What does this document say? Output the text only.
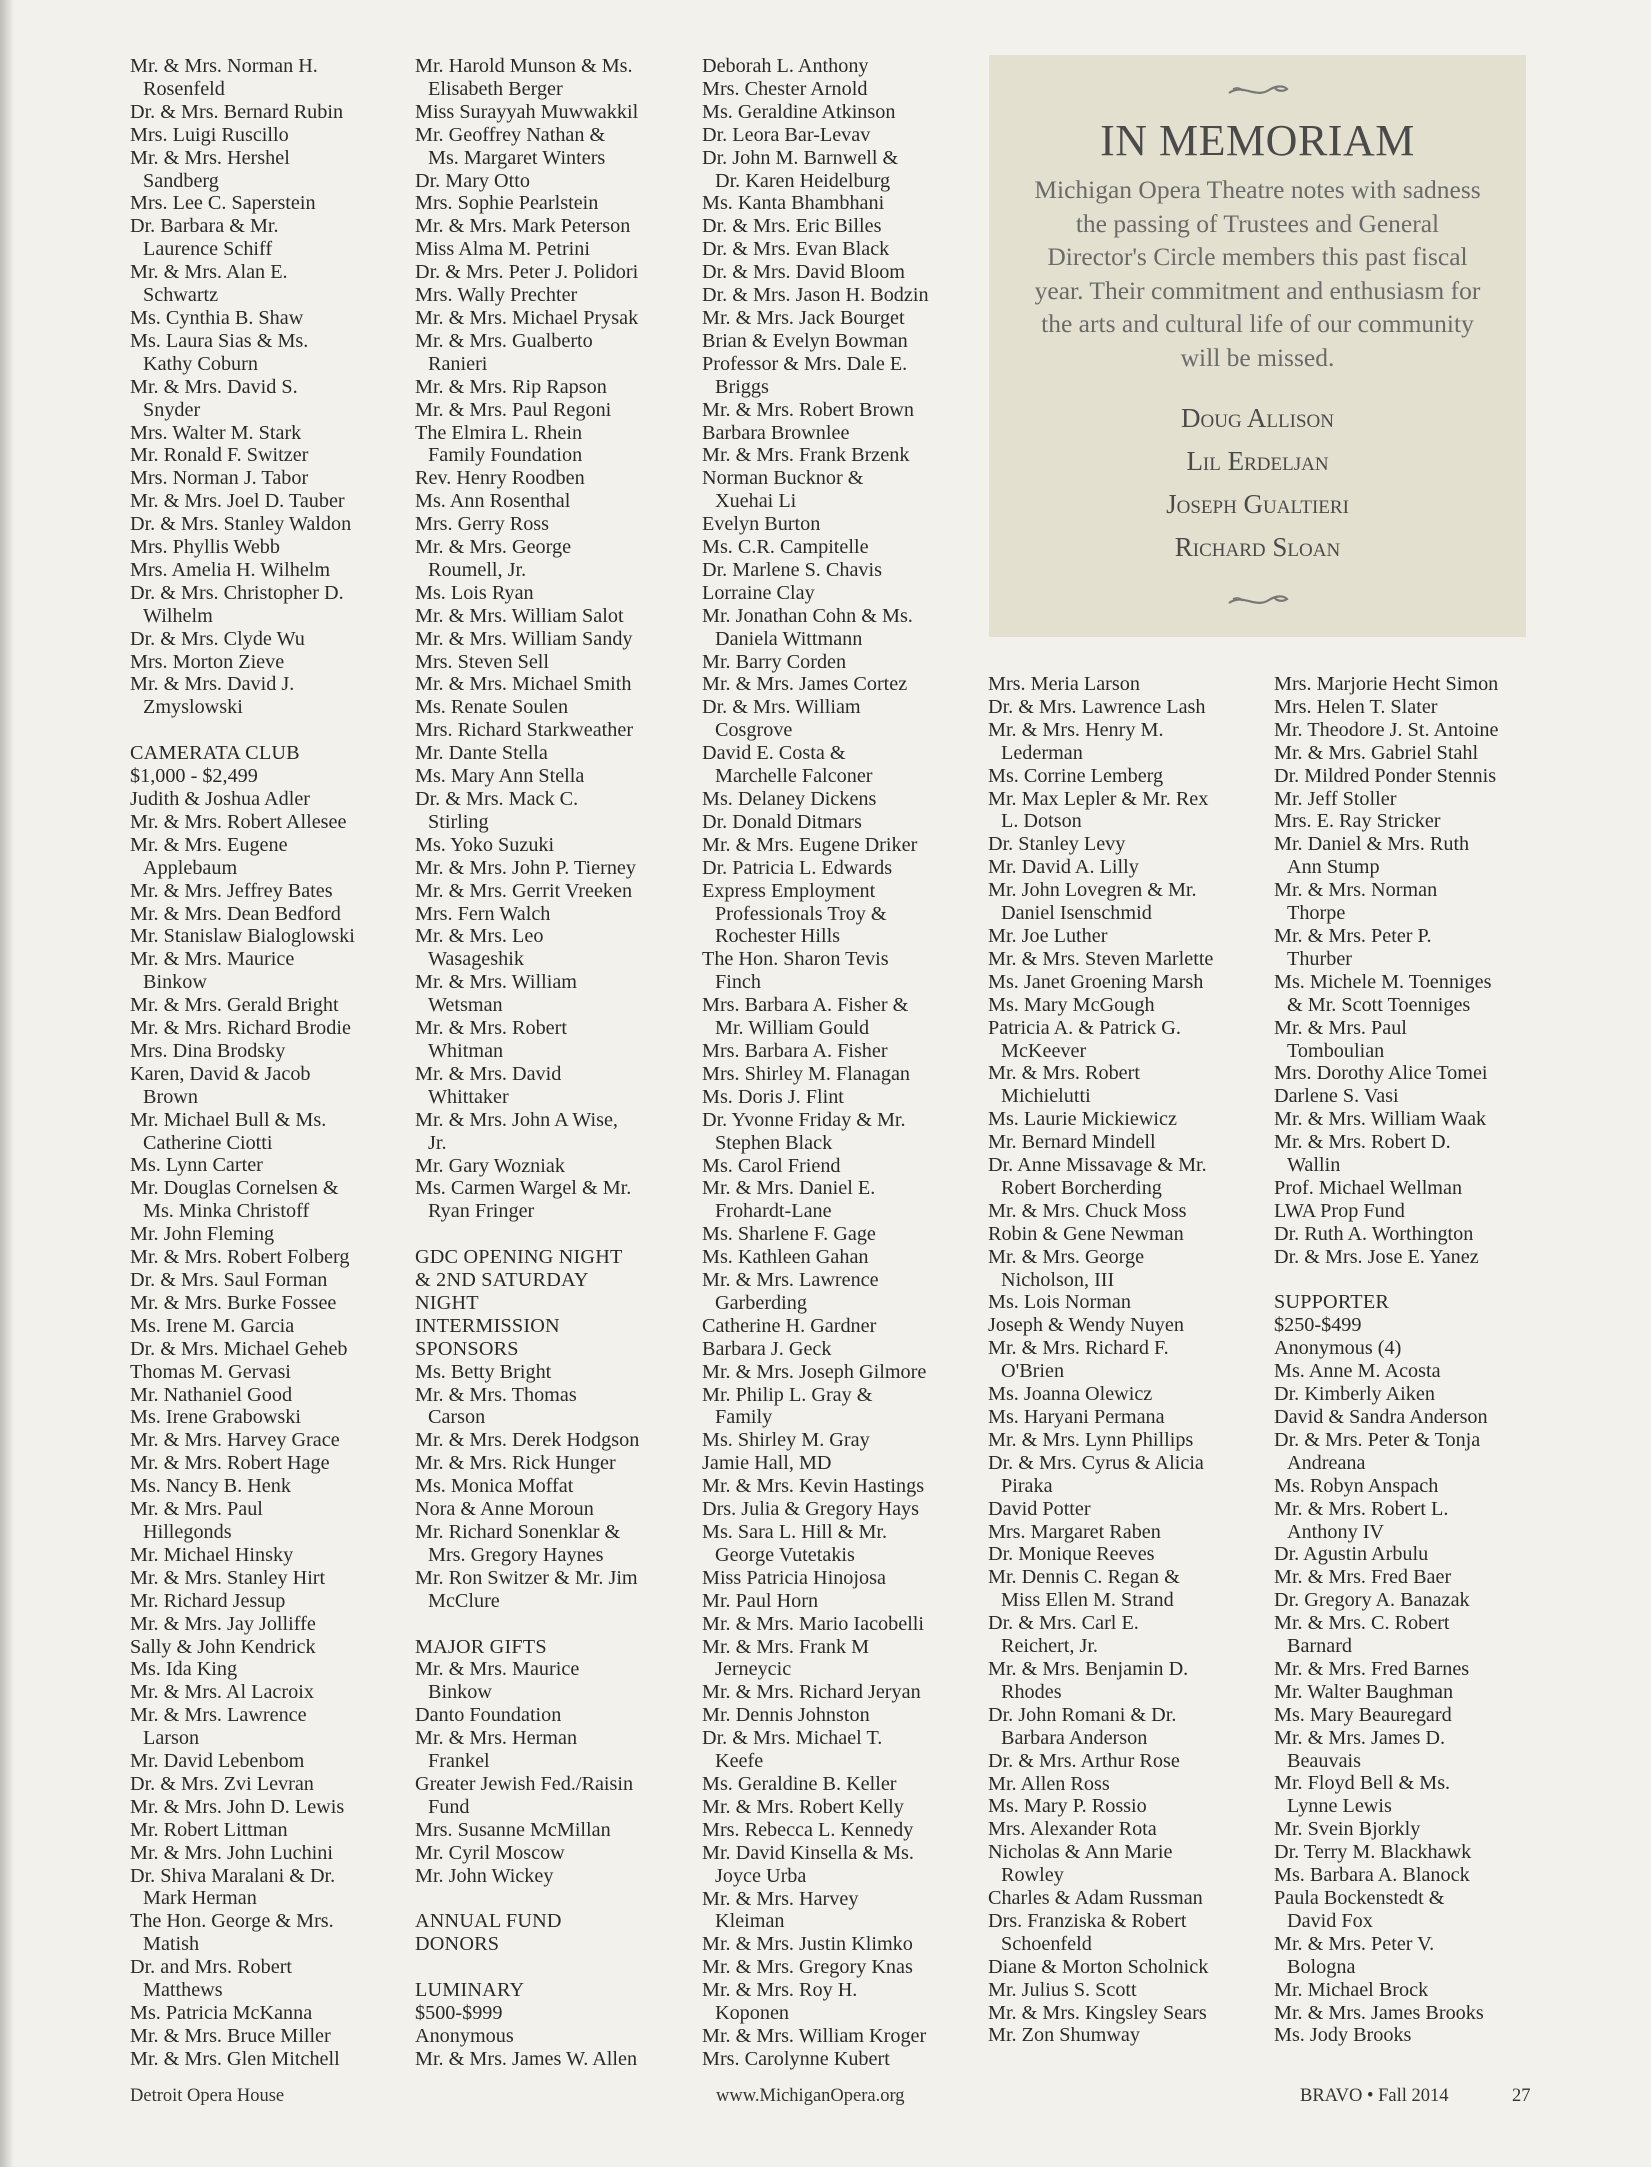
Mr. & Mrs. Norman H.
Rosenfeld
Dr. & Mrs. Bernard Rubin
Mrs. Luigi Ruscillo
Mr. & Mrs. Hershel
Sandberg
Mrs. Lee C. Saperstein
Dr. Barbara & Mr.
Laurence Schiff
Mr. & Mrs. Alan E.
Schwartz
Ms. Cynthia B. Shaw
Ms. Laura Sias & Ms.
Kathy Coburn
Mr. & Mrs. David S.
Snyder
Mrs. Walter M. Stark
Mr. Ronald F. Switzer
Mrs. Norman J. Tabor
Mr. & Mrs. Joel D. Tauber
Dr. & Mrs. Stanley Waldon
Mrs. Phyllis Webb
Mrs. Amelia H. Wilhelm
Dr. & Mrs. Christopher D.
Wilhelm
Dr. & Mrs. Clyde Wu
Mrs. Morton Zieve
Mr. & Mrs. David J.
Zmyslowski
CAMERATA CLUB
$1,000 - $2,499
Judith & Joshua Adler
Mr. & Mrs. Robert Allesee
Mr. & Mrs. Eugene
Applebaum
Mr. & Mrs. Jeffrey Bates
Mr. & Mrs. Dean Bedford
Mr. Stanislaw Bialoglowski
Mr. & Mrs. Maurice
Binkow
Mr. & Mrs. Gerald Bright
Mr. & Mrs. Richard Brodie
Mrs. Dina Brodsky
Karen, David & Jacob
Brown
Mr. Michael Bull & Ms.
Catherine Ciotti
Ms. Lynn Carter
Mr. Douglas Cornelsen &
Ms. Minka Christoff
Mr. John Fleming
Mr. & Mrs. Robert Folberg
Dr. & Mrs. Saul Forman
Mr. & Mrs. Burke Fossee
Ms. Irene M. Garcia
Dr. & Mrs. Michael Geheb
Thomas M. Gervasi
Mr. Nathaniel Good
Ms. Irene Grabowski
Mr. & Mrs. Harvey Grace
Mr. & Mrs. Robert Hage
Ms. Nancy B. Henk
Mr. & Mrs. Paul
Hillegonds
Mr. Michael Hinsky
Mr. & Mrs. Stanley Hirt
Mr. Richard Jessup
Mr. & Mrs. Jay Jolliffe
Sally & John Kendrick
Ms. Ida King
Mr. & Mrs. Al Lacroix
Mr. & Mrs. Lawrence
Larson
Mr. David Lebenbom
Dr. & Mrs. Zvi Levran
Mr. & Mrs. John D. Lewis
Mr. Robert Littman
Mr. & Mrs. John Luchini
Dr. Shiva Maralani & Dr.
Mark Herman
The Hon. George & Mrs.
Matish
Dr. and Mrs. Robert
Matthews
Ms. Patricia McKanna
Mr. & Mrs. Bruce Miller
Mr. & Mrs. Glen Mitchell
Mr. Harold Munson & Ms.
Elisabeth Berger
Miss Surayyah Muwwakkil
Mr. Geoffrey Nathan &
Ms. Margaret Winters
Dr. Mary Otto
Mrs. Sophie Pearlstein
Mr. & Mrs. Mark Peterson
Miss Alma M. Petrini
Dr. & Mrs. Peter J. Polidori
Mrs. Wally Prechter
Mr. & Mrs. Michael Prysak
Mr. & Mrs. Gualberto
Ranieri
Mr. & Mrs. Rip Rapson
Mr. & Mrs. Paul Regoni
The Elmira L. Rhein
Family Foundation
Rev. Henry Roodben
Ms. Ann Rosenthal
Mrs. Gerry Ross
Mr. & Mrs. George
Roumell, Jr.
Ms. Lois Ryan
Mr. & Mrs. William Salot
Mr. & Mrs. William Sandy
Mrs. Steven Sell
Mr. & Mrs. Michael Smith
Ms. Renate Soulen
Mrs. Richard Starkweather
Mr. Dante Stella
Ms. Mary Ann Stella
Dr. & Mrs. Mack C.
Stirling
Ms. Yoko Suzuki
Mr. & Mrs. John P. Tierney
Mr. & Mrs. Gerrit Vreeken
Mrs. Fern Walch
Mr. & Mrs. Leo
Wasageshik
Mr. & Mrs. William
Wetsman
Mr. & Mrs. Robert
Whitman
Mr. & Mrs. David
Whittaker
Mr. & Mrs. John A Wise,
Jr.
Mr. Gary Wozniak
Ms. Carmen Wargel & Mr.
Ryan Fringer
GDC OPENING NIGHT
& 2ND SATURDAY
NIGHT
INTERMISSION
SPONSORS
Ms. Betty Bright
Mr. & Mrs. Thomas
Carson
Mr. & Mrs. Derek Hodgson
Mr. & Mrs. Rick Hunger
Ms. Monica Moffat
Nora & Anne Moroun
Mr. Richard Sonenklar &
Mrs. Gregory Haynes
Mr. Ron Switzer & Mr. Jim
McClure
MAJOR GIFTS
Mr. & Mrs. Maurice
Binkow
Danto Foundation
Mr. & Mrs. Herman
Frankel
Greater Jewish Fed./Raisin
Fund
Mrs. Susanne McMillan
Mr. Cyril Moscow
Mr. John Wickey
ANNUAL FUND
DONORS
LUMINARY
$500-$999
Anonymous
Mr. & Mrs. James W. Allen
Deborah L. Anthony
Mrs. Chester Arnold
Ms. Geraldine Atkinson
Dr. Leora Bar-Levav
Dr. John M. Barnwell &
Dr. Karen Heidelburg
Ms. Kanta Bhambhani
Dr. & Mrs. Eric Billes
Dr. & Mrs. Evan Black
Dr. & Mrs. David Bloom
Dr. & Mrs. Jason H. Bodzin
Mr. & Mrs. Jack Bourget
Brian & Evelyn Bowman
Professor & Mrs. Dale E.
Briggs
Mr. & Mrs. Robert Brown
Barbara Brownlee
Mr. & Mrs. Frank Brzenk
Norman Bucknor &
Xuehai Li
Evelyn Burton
Ms. C.R. Campitelle
Dr. Marlene S. Chavis
Lorraine Clay
Mr. Jonathan Cohn & Ms.
Daniela Wittmann
Mr. Barry Corden
Mr. & Mrs. James Cortez
Dr. & Mrs. William
Cosgrove
David E. Costa &
Marchelle Falconer
Ms. Delaney Dickens
Dr. Donald Ditmars
Mr. & Mrs. Eugene Driker
Dr. Patricia L. Edwards
Express Employment
Professionals Troy &
Rochester Hills
The Hon. Sharon Tevis
Finch
Mrs. Barbara A. Fisher &
Mr. William Gould
Mrs. Barbara A. Fisher
Mrs. Shirley M. Flanagan
Ms. Doris J. Flint
Dr. Yvonne Friday & Mr.
Stephen Black
Ms. Carol Friend
Mr. & Mrs. Daniel E.
Frohardt-Lane
Ms. Sharlene F. Gage
Ms. Kathleen Gahan
Mr. & Mrs. Lawrence
Garberding
Catherine H. Gardner
Barbara J. Geck
Mr. & Mrs. Joseph Gilmore
Mr. Philip L. Gray &
Family
Ms. Shirley M. Gray
Jamie Hall, MD
Mr. & Mrs. Kevin Hastings
Drs. Julia & Gregory Hays
Ms. Sara L. Hill & Mr.
George Vutetakis
Miss Patricia Hinojosa
Mr. Paul Horn
Mr. & Mrs. Mario Iacobelli
Mr. & Mrs. Frank M
Jerneycic
Mr. & Mrs. Richard Jeryan
Mr. Dennis Johnston
Dr. & Mrs. Michael T.
Keefe
Ms. Geraldine B. Keller
Mr. & Mrs. Robert Kelly
Mrs. Rebecca L. Kennedy
Mr. David Kinsella & Ms.
Joyce Urba
Mr. & Mrs. Harvey
Kleiman
Mr. & Mrs. Justin Klimko
Mr. & Mrs. Gregory Knas
Mr. & Mrs. Roy H.
Koponen
Mr. & Mrs. William Kroger
Mrs. Carolynne Kubert
Mrs. Meria Larson
Dr. & Mrs. Lawrence Lash
Mr. & Mrs. Henry M.
Lederman
Ms. Corrine Lemberg
Mr. Max Lepler & Mr. Rex
L. Dotson
Dr. Stanley Levy
Mr. David A. Lilly
Mr. John Lovegren & Mr.
Daniel Isenschmid
Mr. Joe Luther
Mr. & Mrs. Steven Marlette
Ms. Janet Groening Marsh
Ms. Mary McGough
Patricia A. & Patrick G.
McKeever
Mr. & Mrs. Robert
Michielutti
Ms. Laurie Mickiewicz
Mr. Bernard Mindell
Dr. Anne Missavage & Mr.
Robert Borcherding
Mr. & Mrs. Chuck Moss
Robin & Gene Newman
Mr. & Mrs. George
Nicholson, III
Ms. Lois Norman
Joseph & Wendy Nuyen
Mr. & Mrs. Richard F.
O'Brien
Ms. Joanna Olewicz
Ms. Haryani Permana
Mr. & Mrs. Lynn Phillips
Dr. & Mrs. Cyrus & Alicia
Piraka
David Potter
Mrs. Margaret Raben
Dr. Monique Reeves
Mr. Dennis C. Regan &
Miss Ellen M. Strand
Dr. & Mrs. Carl E.
Reichert, Jr.
Mr. & Mrs. Benjamin D.
Rhodes
Dr. John Romani & Dr.
Barbara Anderson
Dr. & Mrs. Arthur Rose
Mr. Allen Ross
Ms. Mary P. Rossio
Mrs. Alexander Rota
Nicholas & Ann Marie
Rowley
Charles & Adam Russman
Drs. Franziska & Robert
Schoenfeld
Diane & Morton Scholnick
Mr. Julius S. Scott
Mr. & Mrs. Kingsley Sears
Mr. Zon Shumway
Mrs. Marjorie Hecht Simon
Mrs. Helen T. Slater
Mr. Theodore J. St. Antoine
Mr. & Mrs. Gabriel Stahl
Dr. Mildred Ponder Stennis
Mr. Jeff Stoller
Mrs. E. Ray Stricker
Mr. Daniel & Mrs. Ruth
Ann Stump
Mr. & Mrs. Norman
Thorpe
Mr. & Mrs. Peter P.
Thurber
Ms. Michele M. Toenniges
& Mr. Scott Toenniges
Mr. & Mrs. Paul
Tomboulian
Mrs. Dorothy Alice Tomei
Darlene S. Vasi
Mr. & Mrs. William Waak
Mr. & Mrs. Robert D.
Wallin
Prof. Michael Wellman
LWA Prop Fund
Dr. Ruth A. Worthington
Dr. & Mrs. Jose E. Yanez
SUPPORTER
$250-$499
Anonymous (4)
Ms. Anne M. Acosta
Dr. Kimberly Aiken
David & Sandra Anderson
Dr. & Mrs. Peter & Tonja
Andreana
Ms. Robyn Anspach
Mr. & Mrs. Robert L.
Anthony IV
Dr. Agustin Arbulu
Mr. & Mrs. Fred Baer
Dr. Gregory A. Banazak
Mr. & Mrs. C. Robert
Barnard
Mr. & Mrs. Fred Barnes
Mr. Walter Baughman
Ms. Mary Beauregard
Mr. & Mrs. James D.
Beauvais
Mr. Floyd Bell & Ms.
Lynne Lewis
Mr. Svein Bjorkly
Dr. Terry M. Blackhawk
Ms. Barbara A. Blanock
Paula Bockenstedt &
David Fox
Mr. & Mrs. Peter V.
Bologna
Mr. Michael Brock
Mr. & Mrs. James Brooks
Ms. Jody Brooks
IN MEMORIAM
Michigan Opera Theatre notes with sadness the passing of Trustees and General Director's Circle members this past fiscal year. Their commitment and enthusiasm for the arts and cultural life of our community will be missed.
Doug Allison
Lil Erdeljan
Joseph Gualtieri
Richard Sloan
Detroit Opera House	www.MichiganOpera.org	BRAVO • Fall 2014	27
